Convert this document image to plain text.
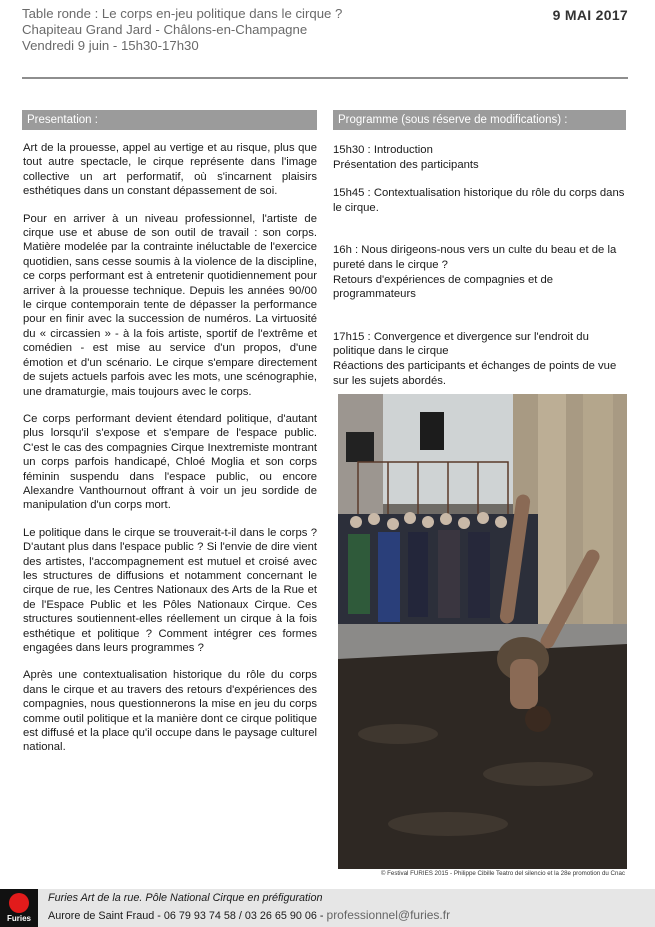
Table ronde : Le corps en-jeu politique dans le cirque ?
Chapiteau Grand Jard - Châlons-en-Champagne
Vendredi 9 juin - 15h30-17h30
9 MAI 2017
Presentation :	Programme (sous réserve de modifications) :

Art de la prouesse, appel au vertige et au risque, plus que tout autre spectacle, le cirque représente dans l'image collective un art performatif, où s'incarnent plaisirs esthétiques dans un constant dépassement de soi.

Pour en arriver à un niveau professionnel, l'artiste de cirque use et abuse de son outil de travail : son corps. Matière modelée par la contrainte inéluctable de l'exercice quotidien, sans cesse soumis à la violence de la discipline, ce corps performant est à entretenir quotidiennement pour arriver à la prouesse technique. Depuis les années 90/00 le cirque contemporain tente de dépasser la performance pour en finir avec la succession de numéros. La virtuosité du « circassien » - à la fois artiste, sportif de l'extrême et comédien - est mise au service d'un propos, d'une émotion et d'un scénario. Le cirque s'empare directement de sujets actuels parfois avec les mots, une scénographie, une dramaturgie, mais toujours avec le corps.

Ce corps performant devient étendard politique, d'autant plus lorsqu'il s'expose et s'empare de l'espace public. C'est le cas des compagnies Cirque Inextremiste montrant un corps parfois handicapé, Chloé Moglia et son corps féminin suspendu dans l'espace public, ou encore Alexandre Vanthournout offrant à voir un jeu sordide de manipulation d'un corps mort.

Le politique dans le cirque se trouverait-t-il dans le corps ? D'autant plus dans l'espace public ? Si l'envie de dire vient des artistes, l'accompagnement est mutuel et croisé avec les structures de diffusions et notamment concernant le cirque de rue, les Centres Nationaux des Arts de la Rue et de l'Espace Public et les Pôles Nationaux Cirque. Ces structures soutiennent-elles réellement un cirque à la fois esthétique et politique ? Comment intégrer ces formes engagées dans leurs programmes ?

Après une contextualisation historique du rôle du corps dans le cirque et au travers des retours d'expériences des compagnies, nous questionnerons la mise en jeu du corps comme outil politique et la manière dont ce cirque politique est diffusé et la place qu'il occupe dans le paysage culturel national.

15h30 : Introduction
Présentation des participants
15h45 : Contextualisation historique du rôle du corps dans le cirque.
16h : Nous dirigeons-nous vers un culte du beau et de la pureté dans le cirque ?
Retours d'expériences de compagnies et de programmateurs
17h15 : Convergence et divergence sur l'endroit du politique dans le cirque
Réactions des participants et échanges de points de vue sur les sujets abordés.
© Festival FURIES 2015 - Philippe Cibille Teatro del silencio et la 28e promotion du Cnac
Furies
Furies Art de la rue. Pôle National Cirque en préfiguration
Aurore de Saint Fraud - 06 79 93 74 58 / 03 26 65 90 06 - professionnel@furies.fr
